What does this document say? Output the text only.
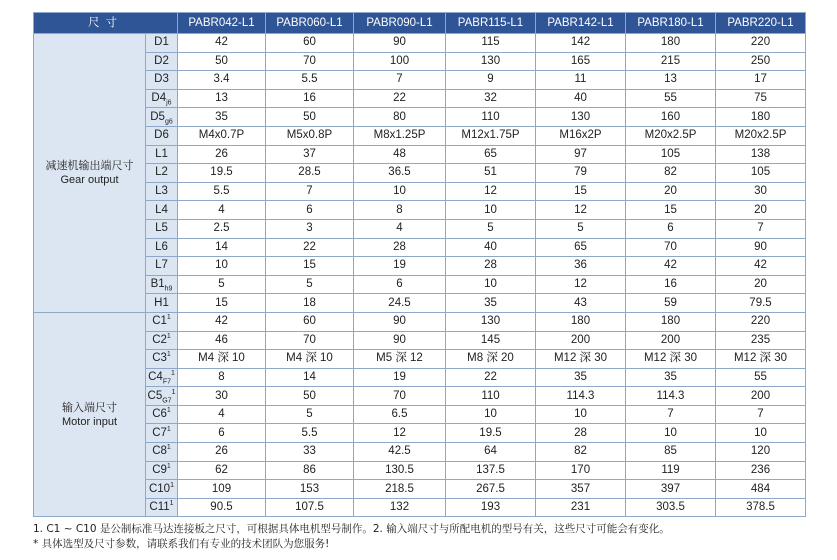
尺寸		PABR042-L1	PABR060-L1	PABR090-L1	PABR115-L1	PABR142-L1	PABR180-L1	PABR220-L1

减速机输出端尺寸
Gear output	D1	42	60	90	115	142	180	220
	D2	50	70	100	130	165	215	250
	D3	3.4	5.5	7	9	11	13	17
	$D4_{j6}$	13	16	22	32	40	55	75
	$D5_{g6}$	35	50	80	110	130	160	180
	D6	M4x0.7P	M5x0.8P	M8x1.25P	M12x1.75P	M16x2P	M20x2.5P	M20x2.5P
	L1	26	37	48	65	97	105	138
	L2	19.5	28.5	36.5	51	79	82	105
	L3	5.5	7	10	12	15	20	30
	L4	4	6	8	10	12	15	20
	L5	2.5	3	4	5	5	6	7
	L6	14	22	28	40	65	70	90
	L7	10	15	19	28	36	42	42
	$B1_{h9}$	5	5	6	10	12	16	20
	H1	15	18	24.5	35	43	59	79.5

输入端尺寸
Motor input	$C1^1$	42	60	90	130	180	180	220
	$C2^1$	46	70	90	145	200	200	235
	$C3^1$	M4 深 10	M4 深 10	M5 深 12	M8 深 20	M12 深 30	M12 深 30	M12 深 30
	$C4_{F7}^1$	8	14	19	22	35	35	55
	$C5_{G7}^1$	30	50	70	110	114.3	114.3	200
	$C6^1$	4	5	6.5	10	10	7	7
	$C7^1$	6	5.5	12	19.5	28	10	10
	$C8^1$	26	33	42.5	64	82	85	120
	$C9^1$	62	86	130.5	137.5	170	119	236
	$C10^1$	109	153	218.5	267.5	357	397	484
	$C11^1$	90.5	107.5	132	193	231	303.5	378.5
1. C1 ~ C10 是公制标准马达连接板之尺寸，可根据具体电机型号制作。2. 输入端尺寸与所配电机的型号有关，这些尺寸可能会有变化。
* 具体选型及尺寸参数，请联系我们有专业的技术团队为您服务!
